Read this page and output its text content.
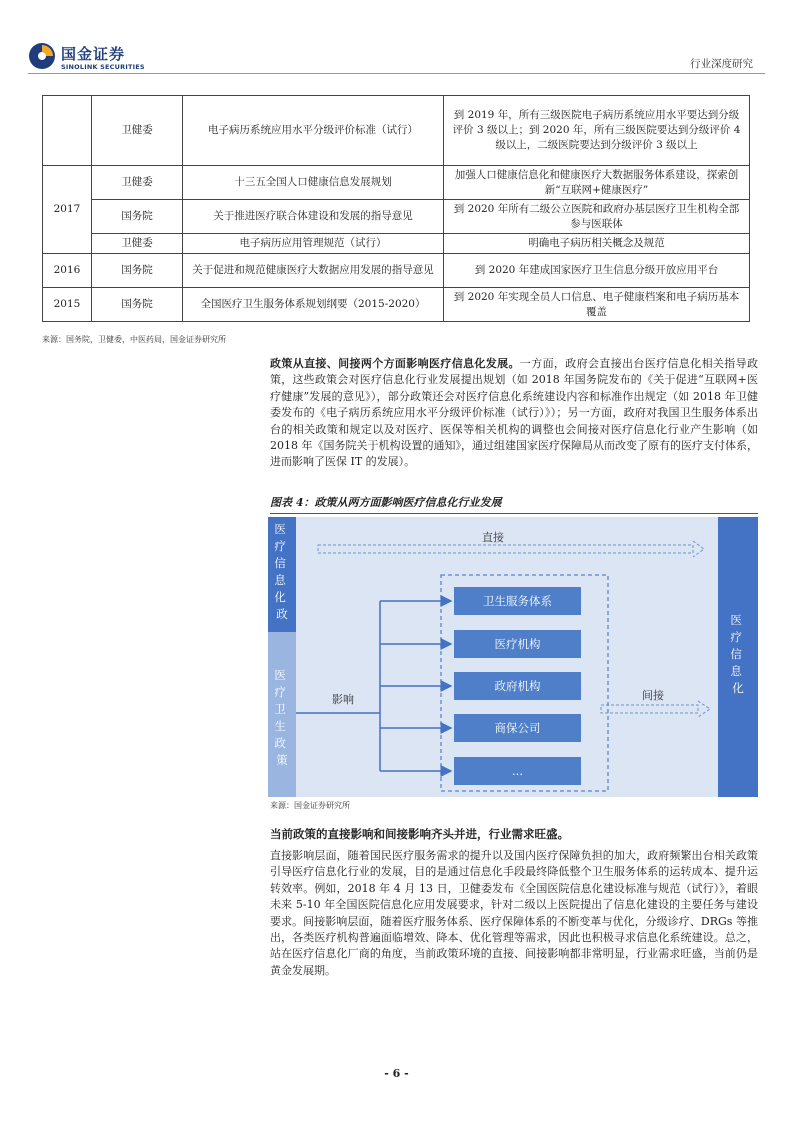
国金证券
SINOLINK SECURITIES	行业深度研究
	卫健委	电子病历系统应用水平分级评价标准（试行）	到 2019 年，所有三级医院电子病历系统应用水平要达到分级评价 3 级以上；到 2020 年，所有三级医院要达到分级评价 4 级以上，二级医院要达到分级评价 3 级以上
2017	卫健委	十三五全国人口健康信息发展规划	加强人口健康信息化和健康医疗大数据服务体系建设，探索创新“互联网+健康医疗”
	国务院	关于推进医疗联合体建设和发展的指导意见	到 2020 年所有二级公立医院和政府办基层医疗卫生机构全部参与医联体
	卫健委	电子病历应用管理规范（试行）	明确电子病历相关概念及规范
2016	国务院	关于促进和规范健康医疗大数据应用发展的指导意见	到 2020 年建成国家医疗卫生信息分级开放应用平台
2015	国务院	全国医疗卫生服务体系规划纲要（2015-2020）	到 2020 年实现全员人口信息、电子健康档案和电子病历基本覆盖
来源：国务院，卫健委，中医药局，国金证券研究所

政策从直接、间接两个方面影响医疗信息化发展。一方面，政府会直接出台医疗信息化相关指导政策，这些政策会对医疗信息化行业发展提出规划（如 2018 年国务院发布的《关于促进“互联网+医疗健康”发展的意见》），部分政策还会对医疗信息化系统建设内容和标准作出规定（如 2018 年卫健委发布的《电子病历系统应用水平分级评价标准（试行）》）；另一方面，政府对我国卫生服务体系出台的相关政策和规定以及对医疗、医保等相关机构的调整也会间接对医疗信息化行业产生影响（如 2018 年《国务院关于机构设置的通知》，通过组建国家医疗保障局从而改变了原有的医疗支付体系，进而影响了医保 IT 的发展）。

图表 4：政策从两方面影响医疗信息化行业发展
医 疗 信 息 化 政
医 疗 卫 生 政 策
医 疗 信 息 化
直接
影响
卫生服务体系
医疗机构
政府机构
商保公司
...
间接
来源：国金证券研究所
当前政策的直接影响和间接影响齐头并进，行业需求旺盛。

直接影响层面，随着国民医疗服务需求的提升以及国内医疗保障负担的加大，政府频繁出台相关政策引导医疗信息化行业的发展，目的是通过信息化手段最终降低整个卫生服务体系的运转成本、提升运转效率。例如，2018 年 4 月 13 日，卫健委发布《全国医院信息化建设标准与规范（试行）》，着眼未来 5-10 年全国医院信息化应用发展要求，针对二级以上医院提出了信息化建设的主要任务与建设要求。间接影响层面，随着医疗服务体系、医疗保障体系的不断变革与优化，分级诊疗、DRGs 等推出，各类医疗机构普遍面临增效、降本、优化管理等需求，因此也积极寻求信息化系统建设。总之，站在医疗信息化厂商的角度，当前政策环境的直接、间接影响都非常明显，行业需求旺盛，当前仍是黄金发展期。

- 6 -
